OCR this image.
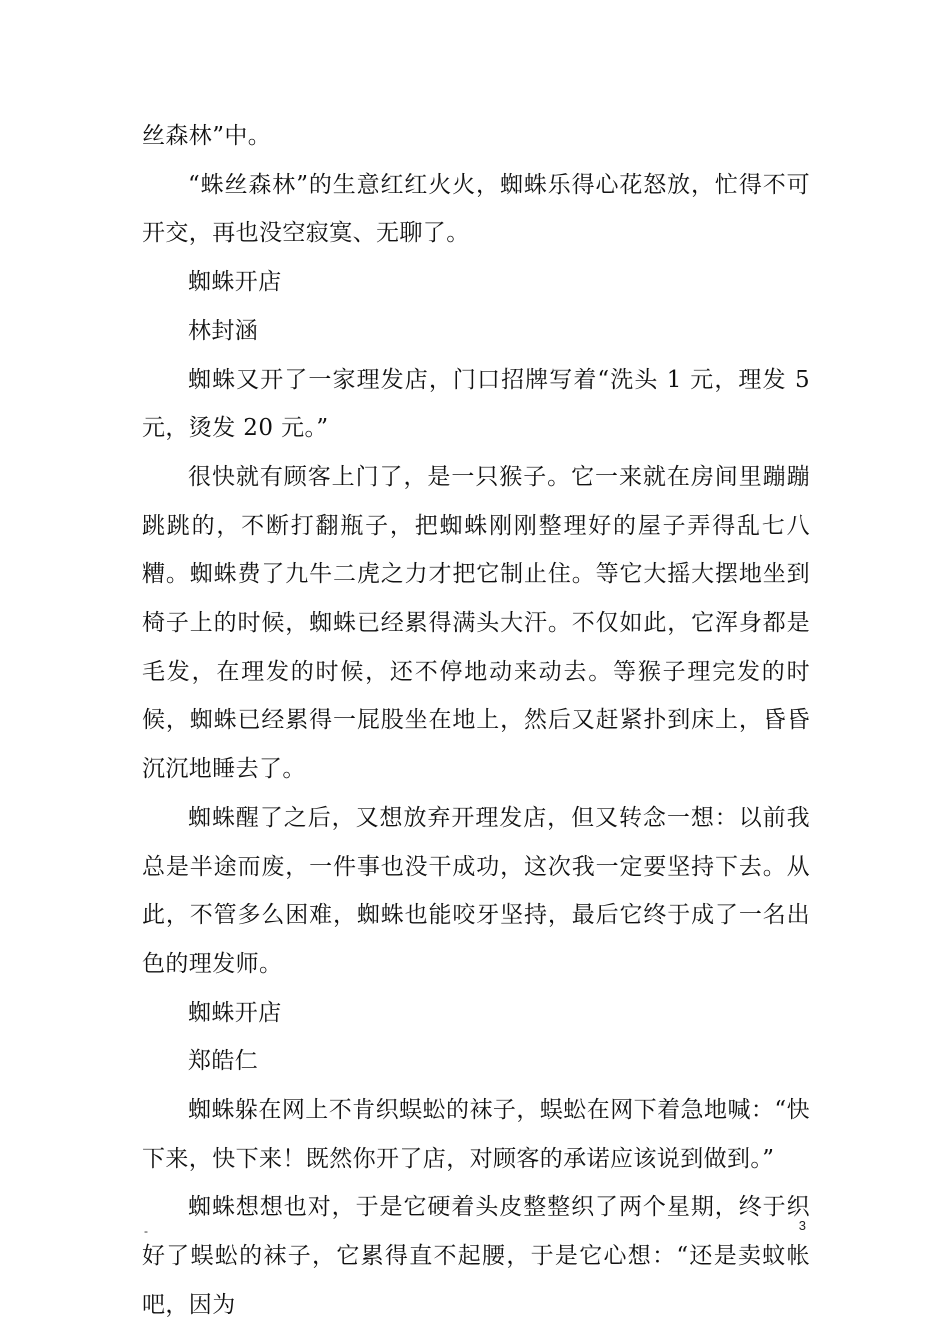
丝森林”中。

“蛛丝森林”的生意红红火火，蜘蛛乐得心花怒放，忙得不可开交，再也没空寂寞、无聊了。

蜘蛛开店

林封涵

蜘蛛又开了一家理发店，门口招牌写着“洗头 1 元，理发 5 元，烫发 20 元。”

很快就有顾客上门了，是一只猴子。它一来就在房间里蹦蹦跳跳的，不断打翻瓶子，把蜘蛛刚刚整理好的屋子弄得乱七八糟。蜘蛛费了九牛二虎之力才把它制止住。等它大摇大摆地坐到椅子上的时候，蜘蛛已经累得满头大汗。不仅如此，它浑身都是毛发，在理发的时候，还不停地动来动去。等猴子理完发的时候，蜘蛛已经累得一屁股坐在地上，然后又赶紧扑到床上，昏昏沉沉地睡去了。

蜘蛛醒了之后，又想放弃开理发店，但又转念一想：以前我总是半途而废，一件事也没干成功，这次我一定要坚持下去。从此，不管多么困难，蜘蛛也能咬牙坚持，最后它终于成了一名出色的理发师。

蜘蛛开店

郑皓仁

蜘蛛躲在网上不肯织蜈蚣的袜子，蜈蚣在网下着急地喊：“快下来，快下来！既然你开了店，对顾客的承诺应该说到做到。”

蜘蛛想想也对，于是它硬着头皮整整织了两个星期，终于织好了蜈蚣的袜子，它累得直不起腰，于是它心想：“还是卖蚊帐吧，因为

-	3
